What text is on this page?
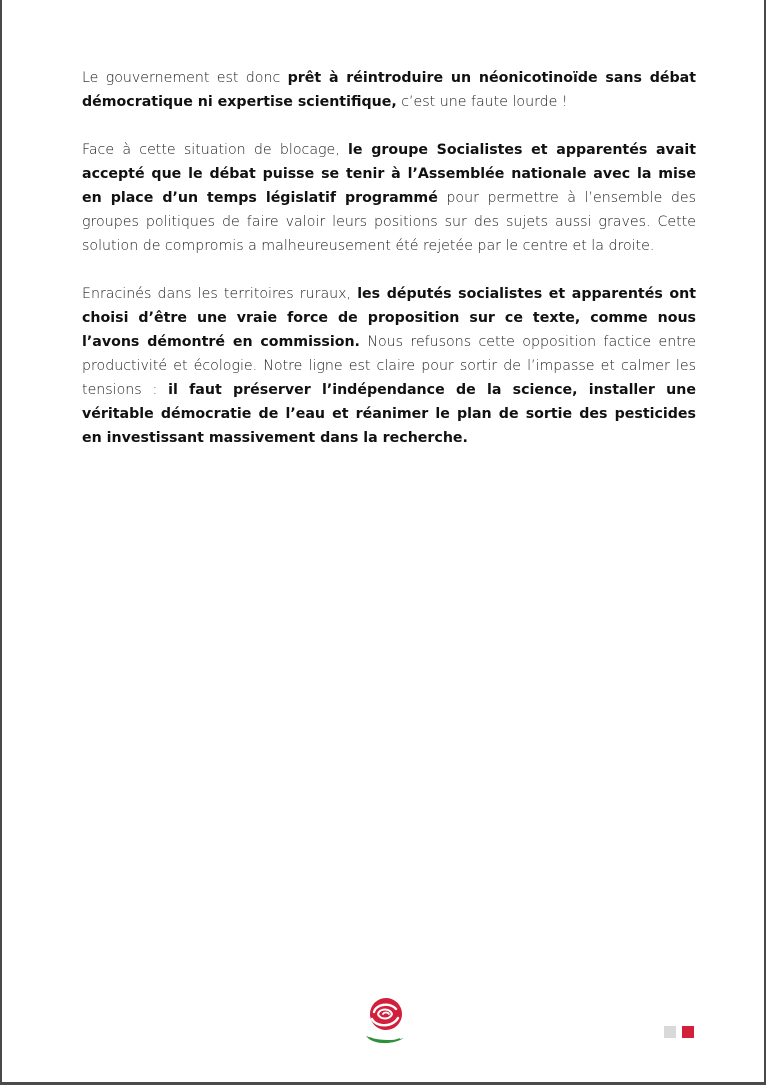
Le gouvernement est donc prêt à réintroduire un néonicotinoïde sans débat démocratique ni expertise scientifique, c’est une faute lourde !

Face à cette situation de blocage, le groupe Socialistes et apparentés avait accepté que le débat puisse se tenir à l’Assemblée nationale avec la mise en place d’un temps législatif programmé pour permettre à l’ensemble des groupes politiques de faire valoir leurs positions sur des sujets aussi graves. Cette solution de compromis a malheureusement été rejetée par le centre et la droite.

Enracinés dans les territoires ruraux, les députés socialistes et apparentés ont choisi d’être une vraie force de proposition sur ce texte, comme nous l’avons démontré en commission. Nous refusons cette opposition factice entre productivité et écologie. Notre ligne est claire pour sortir de l’impasse et calmer les tensions : il faut préserver l’indépendance de la science, installer une véritable démocratie de l’eau et réanimer le plan de sortie des pesticides en investissant massivement dans la recherche.
